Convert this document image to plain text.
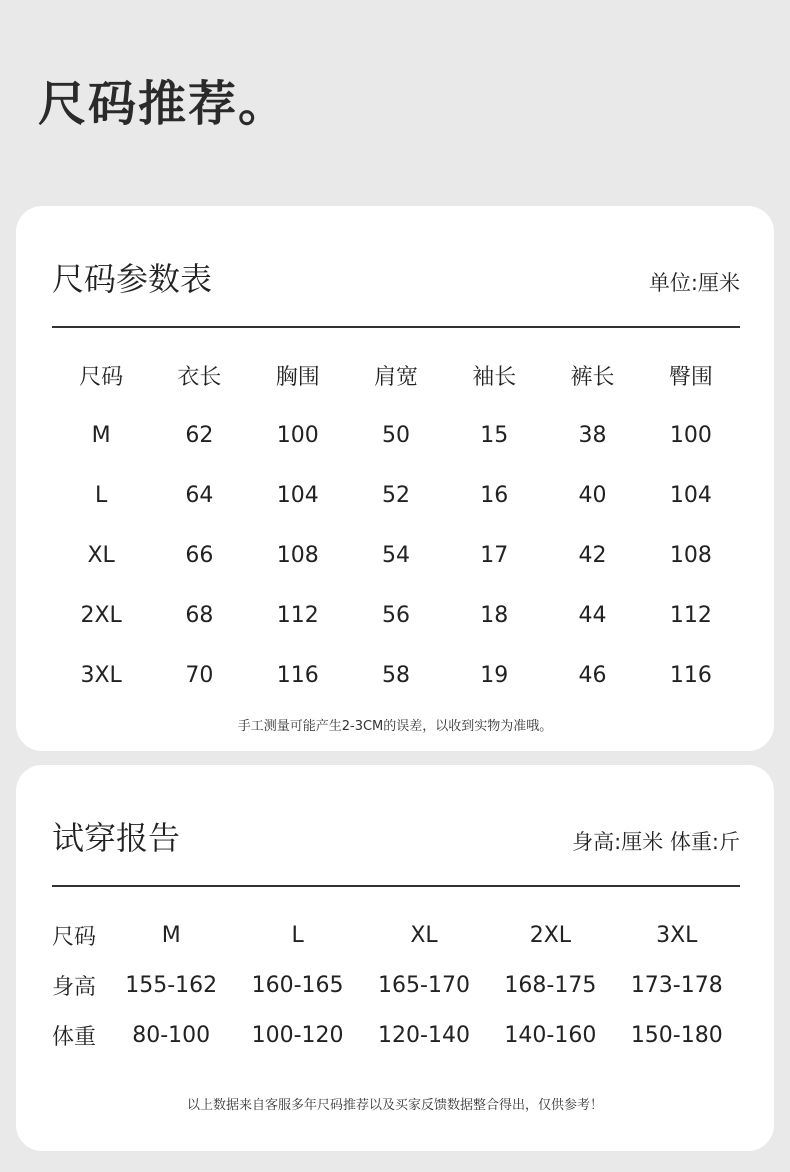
尺码推荐。
尺码参数表	单位:厘米
尺码	衣长	胸围	肩宽	袖长	裤长	臀围
M	62	100	50	15	38	100
L	64	104	52	16	40	104
XL	66	108	54	17	42	108
2XL	68	112	56	18	44	112
3XL	70	116	58	19	46	116
手工测量可能产生2-3CM的误差，以收到实物为准哦。
试穿报告	身高:厘米 体重:斤
尺码	M	L	XL	2XL	3XL
身高	155-162	160-165	165-170	168-175	173-178
体重	80-100	100-120	120-140	140-160	150-180
以上数据来自客服多年尺码推荐以及买家反馈数据整合得出，仅供参考！
